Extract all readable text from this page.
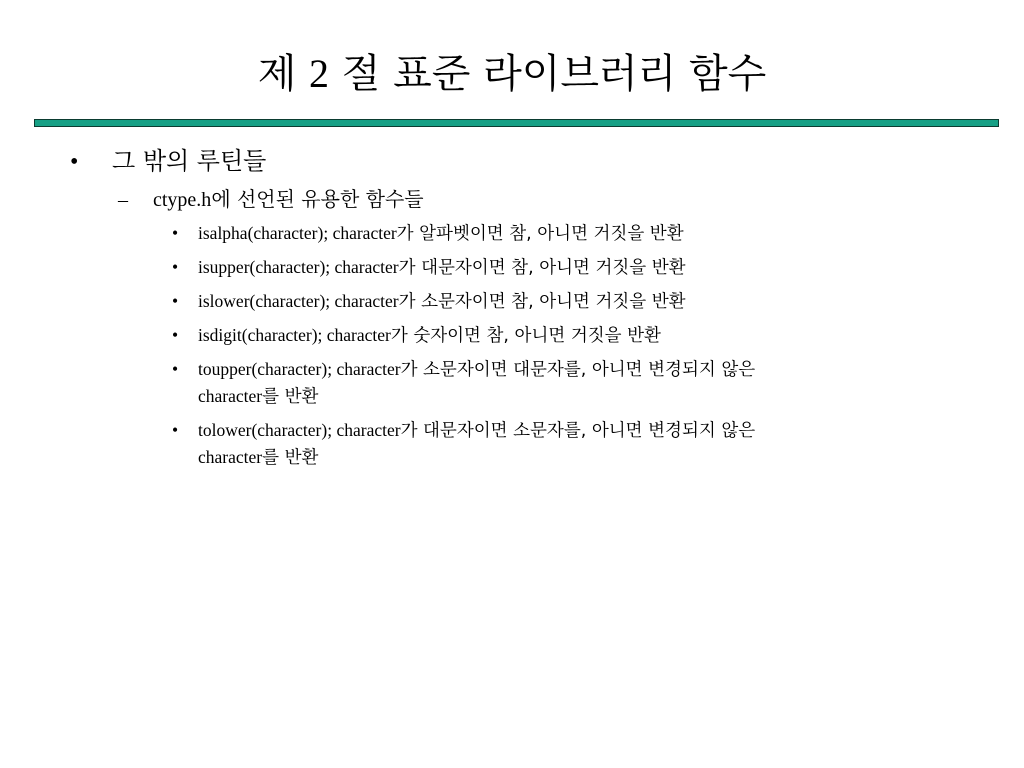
제 2 절 표준 라이브러리 함수
• 그 밖의 루틴들
– ctype.h에 선언된 유용한 함수들
• isalpha(character); character가 알파벳이면 참, 아니면 거짓을 반환
• isupper(character); character가 대문자이면 참, 아니면 거짓을 반환
• islower(character); character가 소문자이면 참, 아니면 거짓을 반환
• isdigit(character); character가 숫자이면 참, 아니면 거짓을 반환
• toupper(character); character가 소문자이면 대문자를, 아니면 변경되지 않은
character를 반환
• tolower(character); character가 대문자이면 소문자를, 아니면 변경되지 않은
character를 반환
